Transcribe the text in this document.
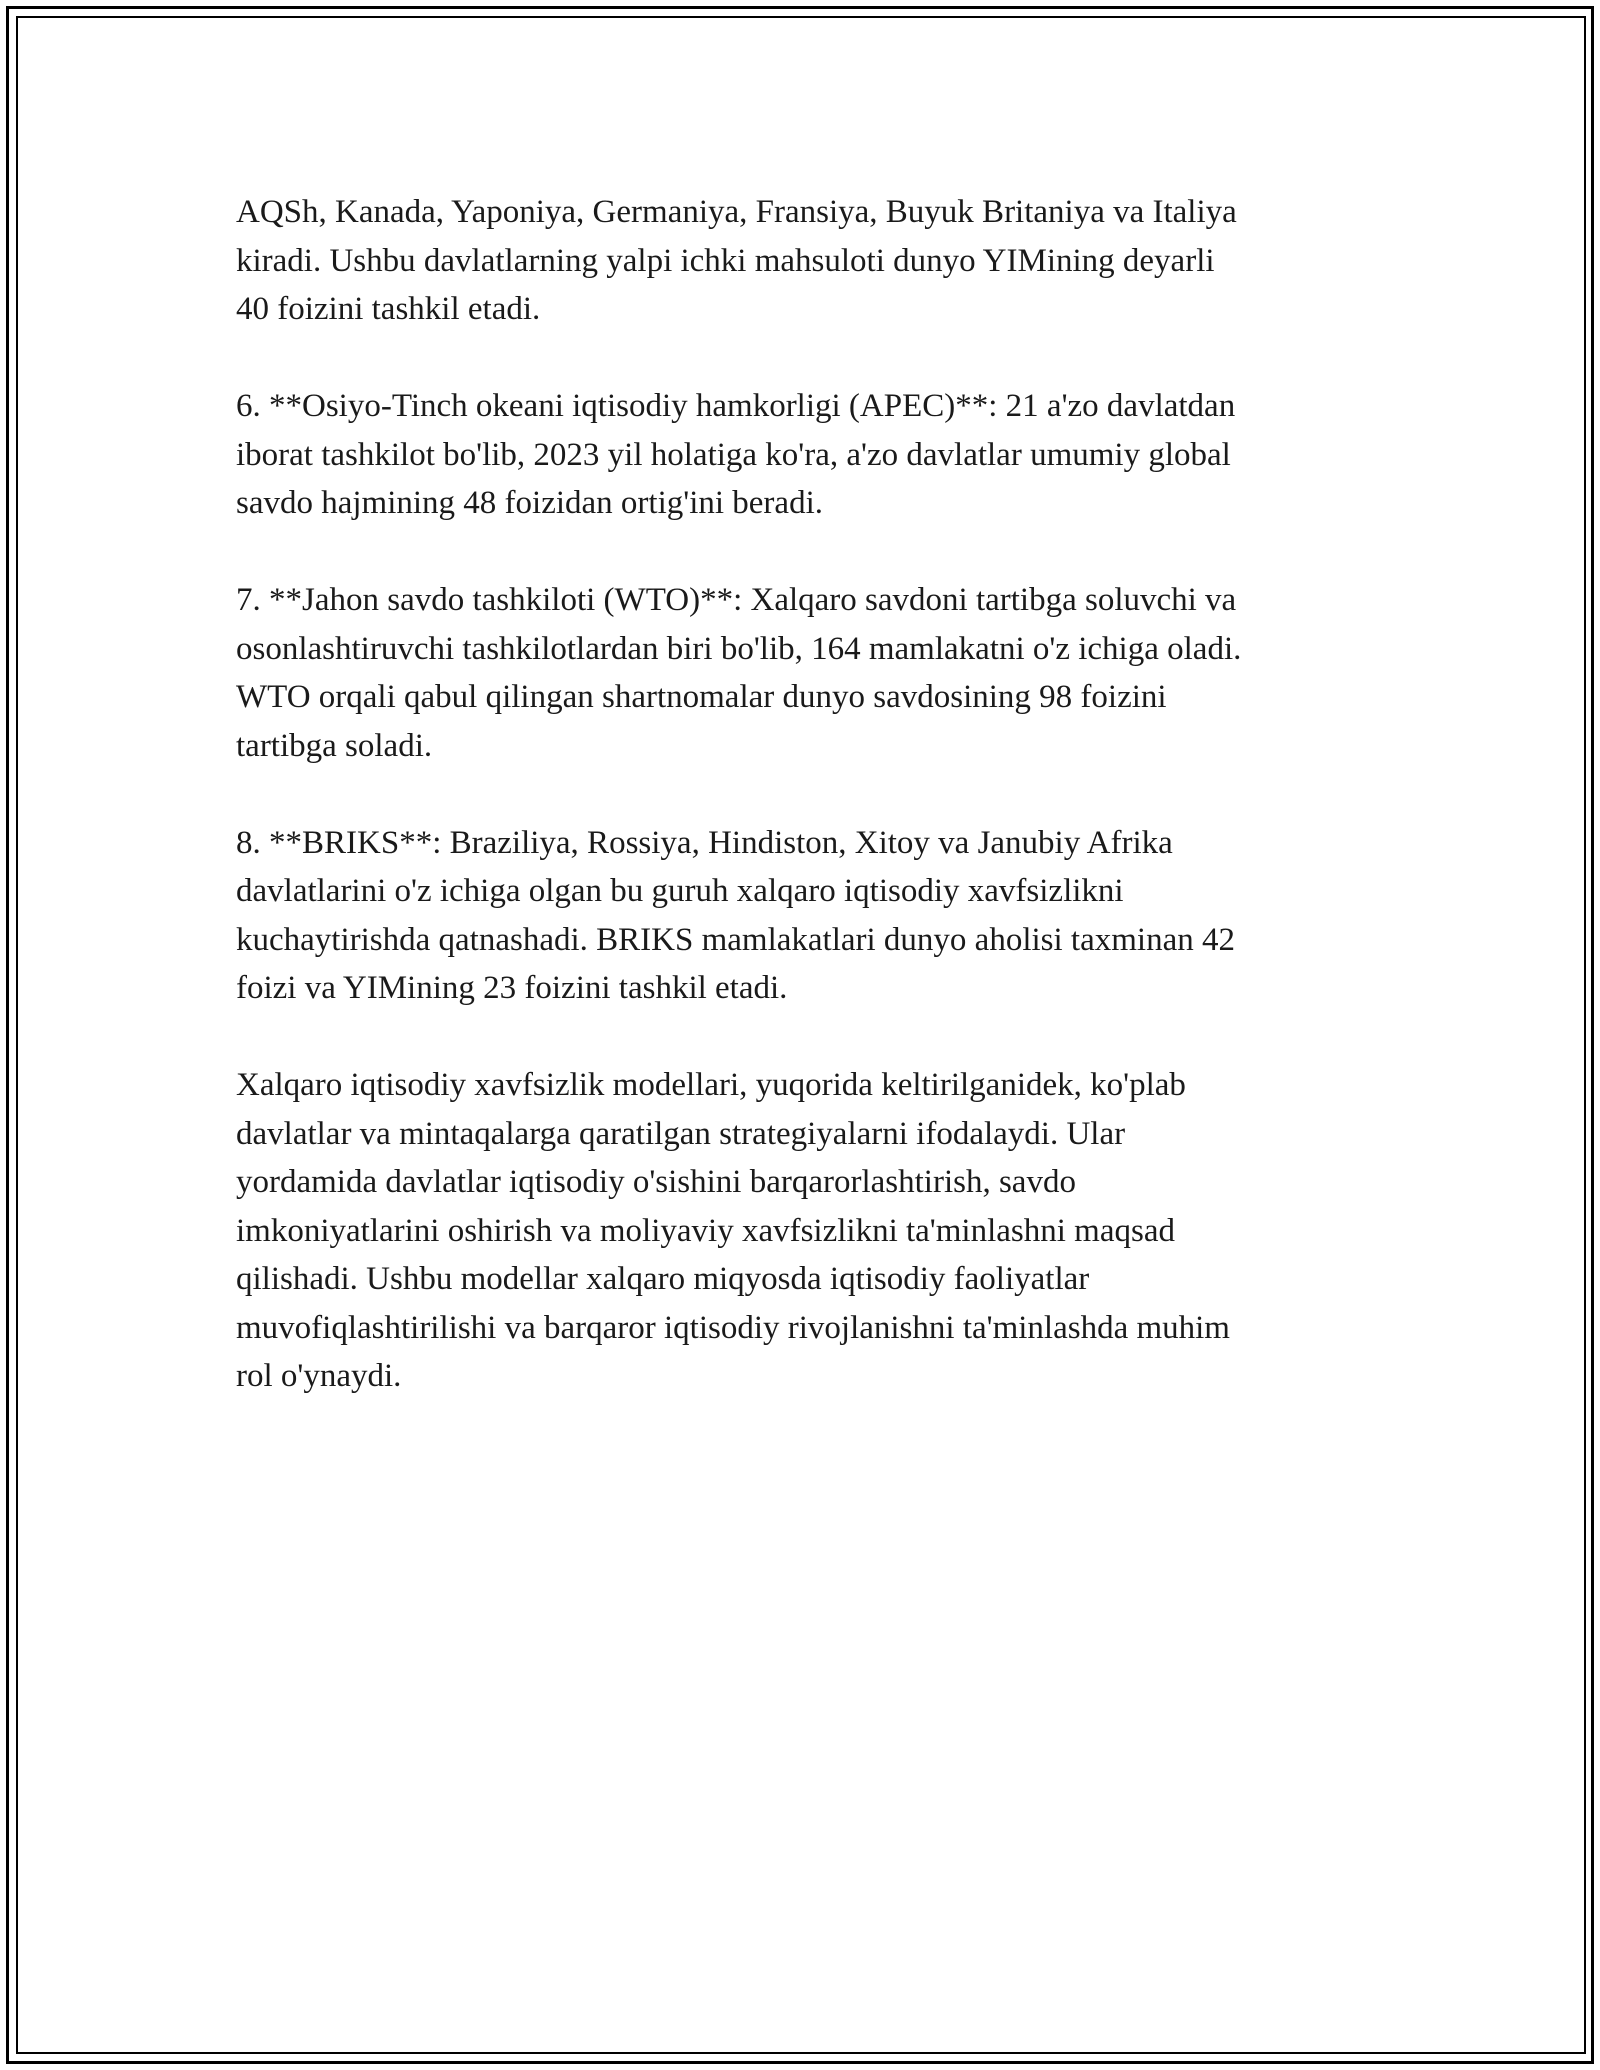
AQSh, Kanada, Yaponiya, Germaniya, Fransiya, Buyuk Britaniya va Italiya
kiradi. Ushbu davlatlarning yalpi ichki mahsuloti dunyo YIMining deyarli
40 foizini tashkil etadi.

6. **Osiyo-Tinch okeani iqtisodiy hamkorligi (APEC)**: 21 a'zo davlatdan
iborat tashkilot bo'lib, 2023 yil holatiga ko'ra, a'zo davlatlar umumiy global
savdo hajmining 48 foizidan ortig'ini beradi.

7. **Jahon savdo tashkiloti (WTO)**: Xalqaro savdoni tartibga soluvchi va
osonlashtiruvchi tashkilotlardan biri bo'lib, 164 mamlakatni o'z ichiga oladi.
WTO orqali qabul qilingan shartnomalar dunyo savdosining 98 foizini
tartibga soladi.

8. **BRIKS**: Braziliya, Rossiya, Hindiston, Xitoy va Janubiy Afrika
davlatlarini o'z ichiga olgan bu guruh xalqaro iqtisodiy xavfsizlikni
kuchaytirishda qatnashadi. BRIKS mamlakatlari dunyo aholisi taxminan 42
foizi va YIMining 23 foizini tashkil etadi.

Xalqaro iqtisodiy xavfsizlik modellari, yuqorida keltirilganidek, ko'plab
davlatlar va mintaqalarga qaratilgan strategiyalarni ifodalaydi. Ular
yordamida davlatlar iqtisodiy o'sishini barqarorlashtirish, savdo
imkoniyatlarini oshirish va moliyaviy xavfsizlikni ta'minlashni maqsad
qilishadi. Ushbu modellar xalqaro miqyosda iqtisodiy faoliyatlar
muvofiqlashtirilishi va barqaror iqtisodiy rivojlanishni ta'minlashda muhim
rol o'ynaydi.
